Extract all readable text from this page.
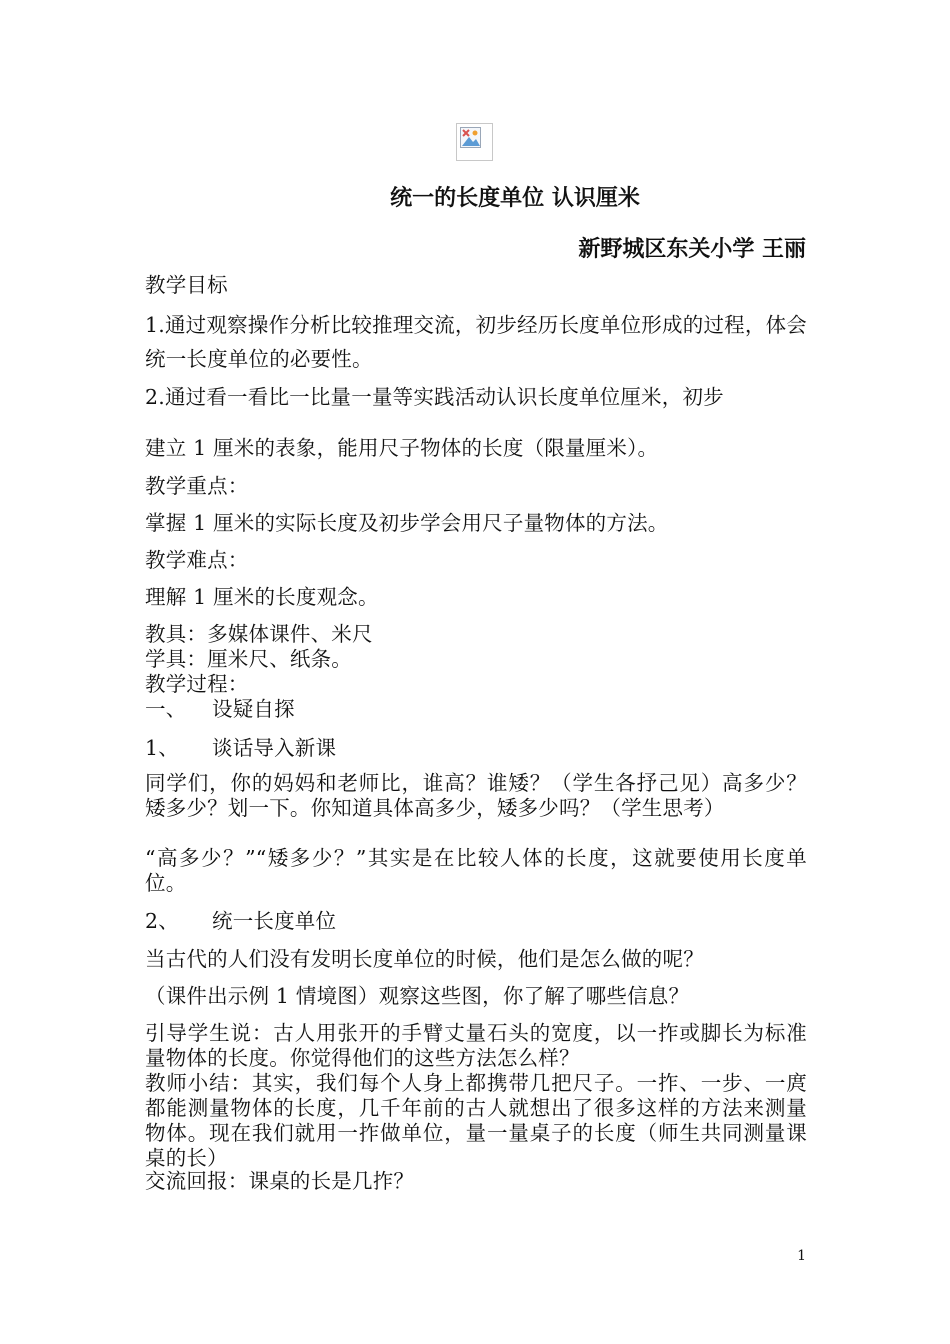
统一的长度单位 认识厘米
新野城区东关小学 王丽

教学目标

1.通过观察操作分析比较推理交流，初步经历长度单位形成的过程，体会统一长度单位的必要性。

2.通过看一看比一比量一量等实践活动认识长度单位厘米，初步

建立 1 厘米的表象，能用尺子物体的长度（限量厘米）。

教学重点：

掌握 1 厘米的实际长度及初步学会用尺子量物体的方法。

教学难点：

理解 1 厘米的长度观念。

教具：多媒体课件、米尺

学具：厘米尺、纸条。

教学过程：

一、 设疑自探

1、 谈话导入新课

同学们，你的妈妈和老师比，谁高？谁矮？（学生各抒己见）高多少？矮多少？划一下。你知道具体高多少，矮多少吗？（学生思考）

“高多少？”“矮多少？”其实是在比较人体的长度，这就要使用长度单位。

2、 统一长度单位

当古代的人们没有发明长度单位的时候，他们是怎么做的呢？

（课件出示例 1 情境图）观察这些图，你了解了哪些信息？

引导学生说：古人用张开的手臂丈量石头的宽度，以一拃或脚长为标准量物体的长度。你觉得他们的这些方法怎么样？

教师小结：其实，我们每个人身上都携带几把尺子。一拃、一步、一庹都能测量物体的长度，几千年前的古人就想出了很多这样的方法来测量物体。现在我们就用一拃做单位，量一量桌子的长度（师生共同测量课桌的长）

交流回报：课桌的长是几拃？

1
